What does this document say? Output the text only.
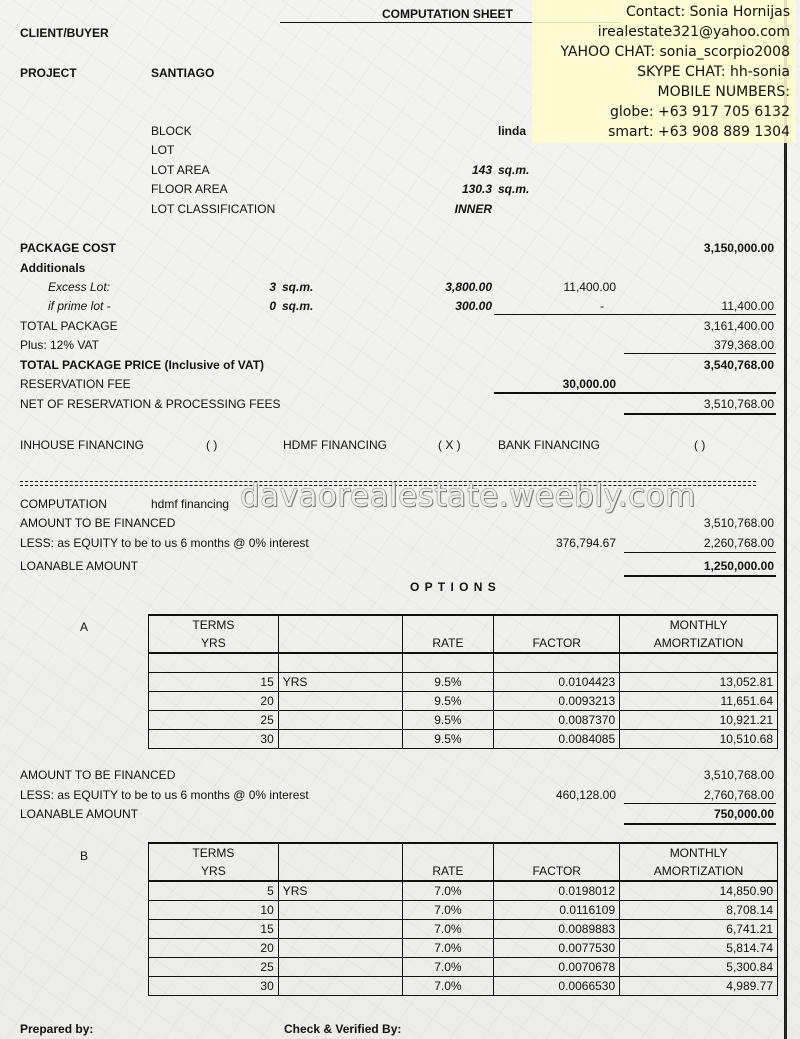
COMPUTATION SHEET
CLIENT/BUYER
PROJECT	SANTIAGO
Contact: Sonia Hornijas
irealestate321@yahoo.com
YAHOO CHAT: sonia_scorpio2008
SKYPE CHAT: hh-sonia
MOBILE NUMBERS:
globe: +63 917 705 6132
smart: +63 908 889 1304
BLOCK	linda
LOT
LOT AREA	143 sq.m.
FLOOR AREA	130.3 sq.m.
LOT CLASSIFICATION	INNER
PACKAGE COST	3,150,000.00
Additionals
Excess Lot:	3 sq.m.	3,800.00	11,400.00
if prime lot -	0 sq.m.	300.00	-	11,400.00
TOTAL PACKAGE	3,161,400.00
Plus: 12% VAT	379,368.00
TOTAL PACKAGE PRICE (Inclusive of VAT)	3,540,768.00
RESERVATION FEE	30,000.00
NET OF RESERVATION & PROCESSING FEES	3,510,768.00
INHOUSE FINANCING	( )	HDMF FINANCING	( X )	BANK FINANCING	( )
COMPUTATION	hdmf financing davaorealestate.weebly.com
AMOUNT TO BE FINANCED	3,510,768.00
LESS: as EQUITY to be to us 6 months @ 0% interest	376,794.67	2,260,768.00
LOANABLE AMOUNT	1,250,000.00
O P T I O N S
A	TERMS				MONTHLY
YRS		RATE	FACTOR	AMORTIZATION

15	YRS	9.5%	0.0104423	13,052.81
20		9.5%	0.0093213	11,651.64
25		9.5%	0.0087370	10,921.21
30		9.5%	0.0084085	10,510.68
AMOUNT TO BE FINANCED	3,510,768.00
LESS: as EQUITY to be to us 6 months @ 0% interest	460,128.00	2,760,768.00
LOANABLE AMOUNT	750,000.00
B	TERMS				MONTHLY
YRS		RATE	FACTOR	AMORTIZATION
5	YRS	7.0%	0.0198012	14,850.90
10		7.0%	0.0116109	8,708.14
15		7.0%	0.0089883	6,741.21
20		7.0%	0.0077530	5,814.74
25		7.0%	0.0070678	5,300.84
30		7.0%	0.0066530	4,989.77
Prepared by:	Check & Verified By:
